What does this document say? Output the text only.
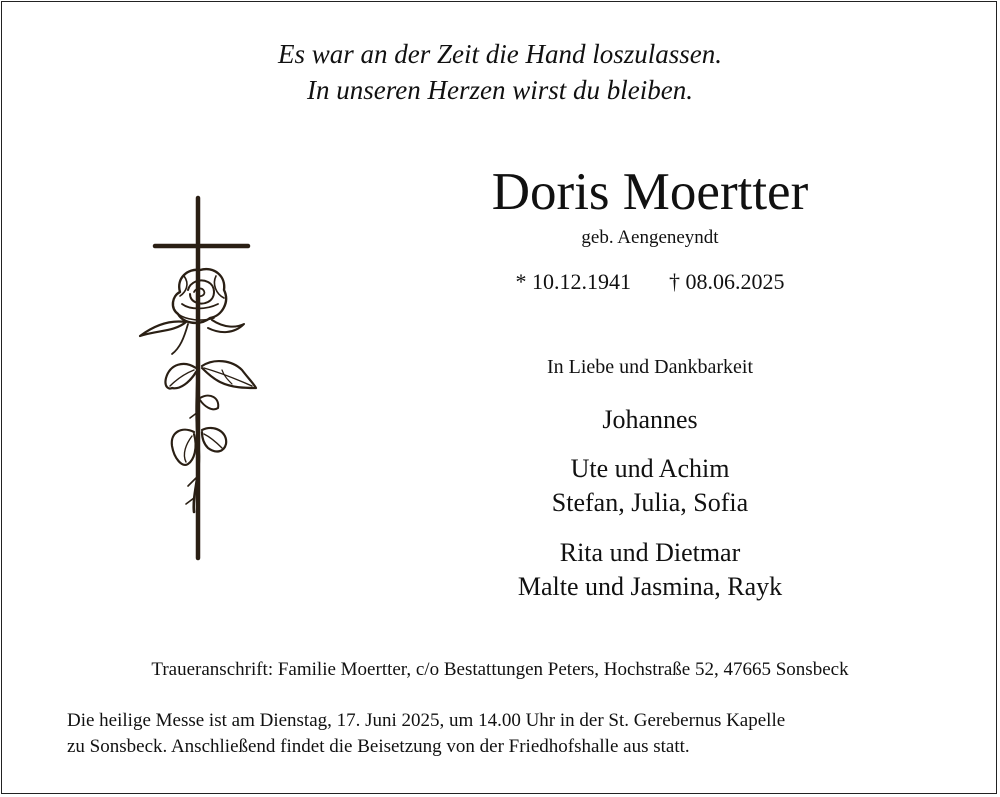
Es war an der Zeit die Hand loszulassen.
In unseren Herzen wirst du bleiben.
Doris Moertter
geb. Aengeneyndt
* 10.12.1941 † 08.06.2025
In Liebe und Dankbarkeit
Johannes
Ute und Achim
Stefan, Julia, Sofia
Rita und Dietmar
Malte und Jasmina, Rayk
Traueranschrift: Familie Moertter, c/o Bestattungen Peters, Hochstraße 52, 47665 Sonsbeck
Die heilige Messe ist am Dienstag, 17. Juni 2025, um 14.00 Uhr in der St. Gerebernus Kapelle
zu Sonsbeck. Anschließend findet die Beisetzung von der Friedhofshalle aus statt.
